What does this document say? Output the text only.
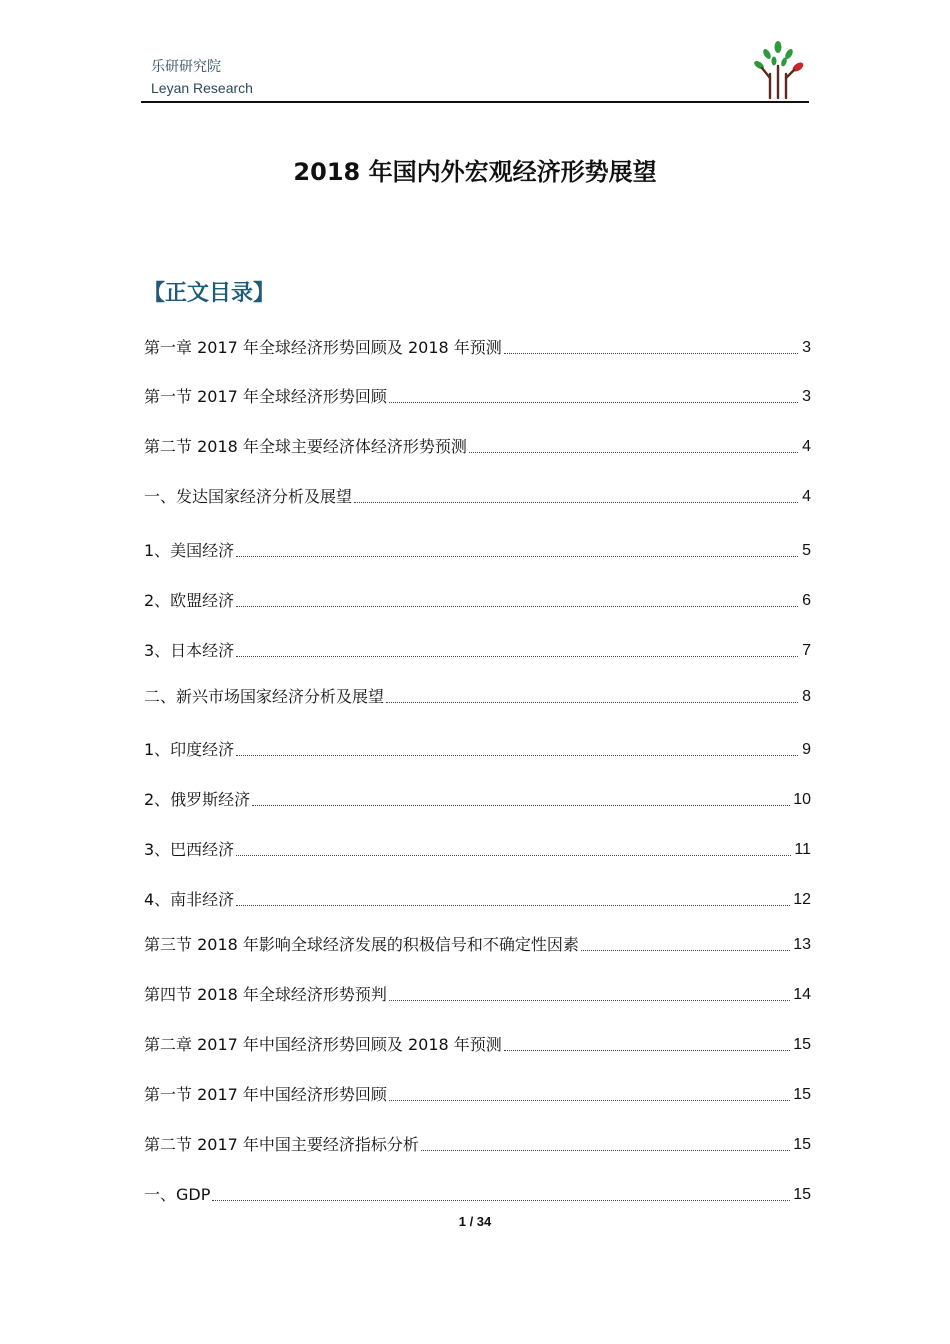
乐研研究院
Leyan Research
2018 年国内外宏观经济形势展望
【正文目录】
第一章 2017 年全球经济形势回顾及 2018 年预测	3
第一节 2017 年全球经济形势回顾	3
第二节 2018 年全球主要经济体经济形势预测	4
一、发达国家经济分析及展望	4
1、美国经济	5
2、欧盟经济	6
3、日本经济	7
二、新兴市场国家经济分析及展望	8
1、印度经济	9
2、俄罗斯经济	10
3、巴西经济	11
4、南非经济	12
第三节 2018 年影响全球经济发展的积极信号和不确定性因素	13
第四节 2018 年全球经济形势预判	14
第二章 2017 年中国经济形势回顾及 2018 年预测	15
第一节 2017 年中国经济形势回顾	15
第二节 2017 年中国主要经济指标分析	15
一、GDP	15
1 / 34
